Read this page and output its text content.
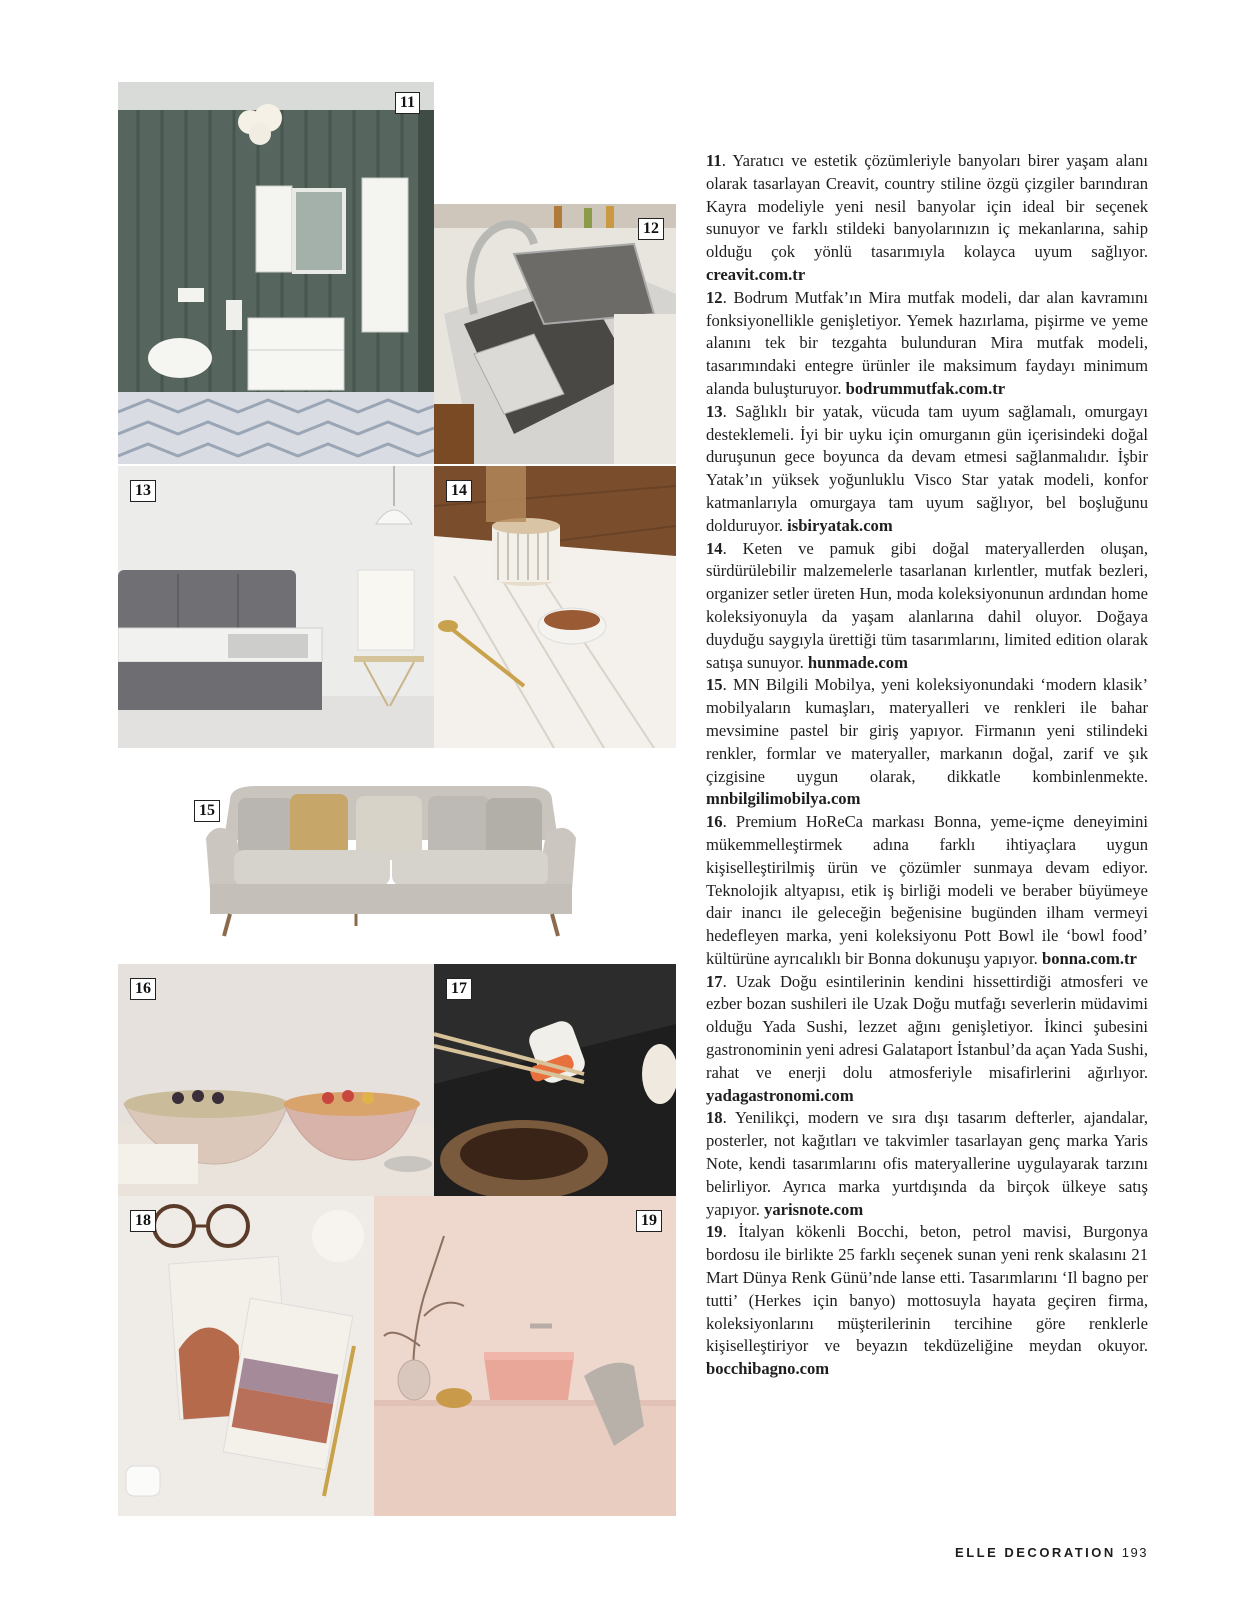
11
12
13	14
15
16	17
18	19

11. Yaratıcı ve estetik çözümleriyle banyoları birer yaşam alanı olarak tasarlayan Creavit, country stiline özgü çizgiler barındıran Kayra modeliyle yeni nesil banyolar için ideal bir seçenek sunuyor ve farklı stildeki banyolarınızın iç mekanlarına, sahip olduğu çok yönlü tasarımıyla kolayca uyum sağlıyor. creavit.com.tr

12. Bodrum Mutfak’ın Mira mutfak modeli, dar alan kavramını fonksiyonellikle genişletiyor. Yemek hazırlama, pişirme ve yeme alanını tek bir tezgahta bulunduran Mira mutfak modeli, tasarımındaki entegre ürünler ile maksimum faydayı minimum alanda buluşturuyor. bodrummutfak.com.tr

13. Sağlıklı bir yatak, vücuda tam uyum sağlamalı, omurgayı desteklemeli. İyi bir uyku için omurganın gün içerisindeki doğal duruşunun gece boyunca da devam etmesi sağlanmalıdır. İşbir Yatak’ın yüksek yoğunluklu Visco Star yatak modeli, konfor katmanlarıyla omurgaya tam uyum sağlıyor, bel boşluğunu dolduruyor. isbiryatak.com

14. Keten ve pamuk gibi doğal materyallerden oluşan, sürdürülebilir malzemelerle tasarlanan kırlentler, mutfak bezleri, organizer setler üreten Hun, moda koleksiyonunun ardından home koleksiyonuyla da yaşam alanlarına dahil oluyor. Doğaya duyduğu saygıyla ürettiği tüm tasarımlarını, limited edition olarak satışa sunuyor. hunmade.com

15. MN Bilgili Mobilya, yeni koleksiyonundaki ‘modern klasik’ mobilyaların kumaşları, materyalleri ve renkleri ile bahar mevsimine pastel bir giriş yapıyor. Firmanın yeni stilindeki renkler, formlar ve materyaller, markanın doğal, zarif ve şık çizgisine uygun olarak, dikkatle kombinlenmekte. mnbilgilimobilya.com

16. Premium HoReCa markası Bonna, yeme-içme deneyimini mükemmelleştirmek adına farklı ihtiyaçlara uygun kişiselleştirilmiş ürün ve çözümler sunmaya devam ediyor. Teknolojik altyapısı, etik iş birliği modeli ve beraber büyümeye dair inancı ile geleceğin beğenisine bugünden ilham vermeyi hedefleyen marka, yeni koleksiyonu Pott Bowl ile ‘bowl food’ kültürüne ayrıcalıklı bir Bonna dokunuşu yapıyor. bonna.com.tr

17. Uzak Doğu esintilerinin kendini hissettirdiği atmosferi ve ezber bozan sushileri ile Uzak Doğu mutfağı severlerin müdavimi olduğu Yada Sushi, lezzet ağını genişletiyor. İkinci şubesini gastronominin yeni adresi Galataport İstanbul’da açan Yada Sushi, rahat ve enerji dolu atmosferiyle misafirlerini ağırlıyor. yadagastronomi.com

18. Yenilikçi, modern ve sıra dışı tasarım defterler, ajandalar, posterler, not kağıtları ve takvimler tasarlayan genç marka Yaris Note, kendi tasarımlarını ofis materyallerine uygulayarak tarzını belirliyor. Ayrıca marka yurtdışında da birçok ülkeye satış yapıyor. yarisnote.com

19. İtalyan kökenli Bocchi, beton, petrol mavisi, Burgonya bordosu ile birlikte 25 farklı seçenek sunan yeni renk skalasını 21 Mart Dünya Renk Günü’nde lanse etti. Tasarımlarını ‘Il bagno per tutti’ (Herkes için banyo) mottosuyla hayata geçiren firma, koleksiyonlarını müşterilerinin tercihine göre renklerle kişiselleştiriyor ve beyazın tekdüzeliğine meydan okuyor. bocchibagno.com

ELLE DECORATION 193
